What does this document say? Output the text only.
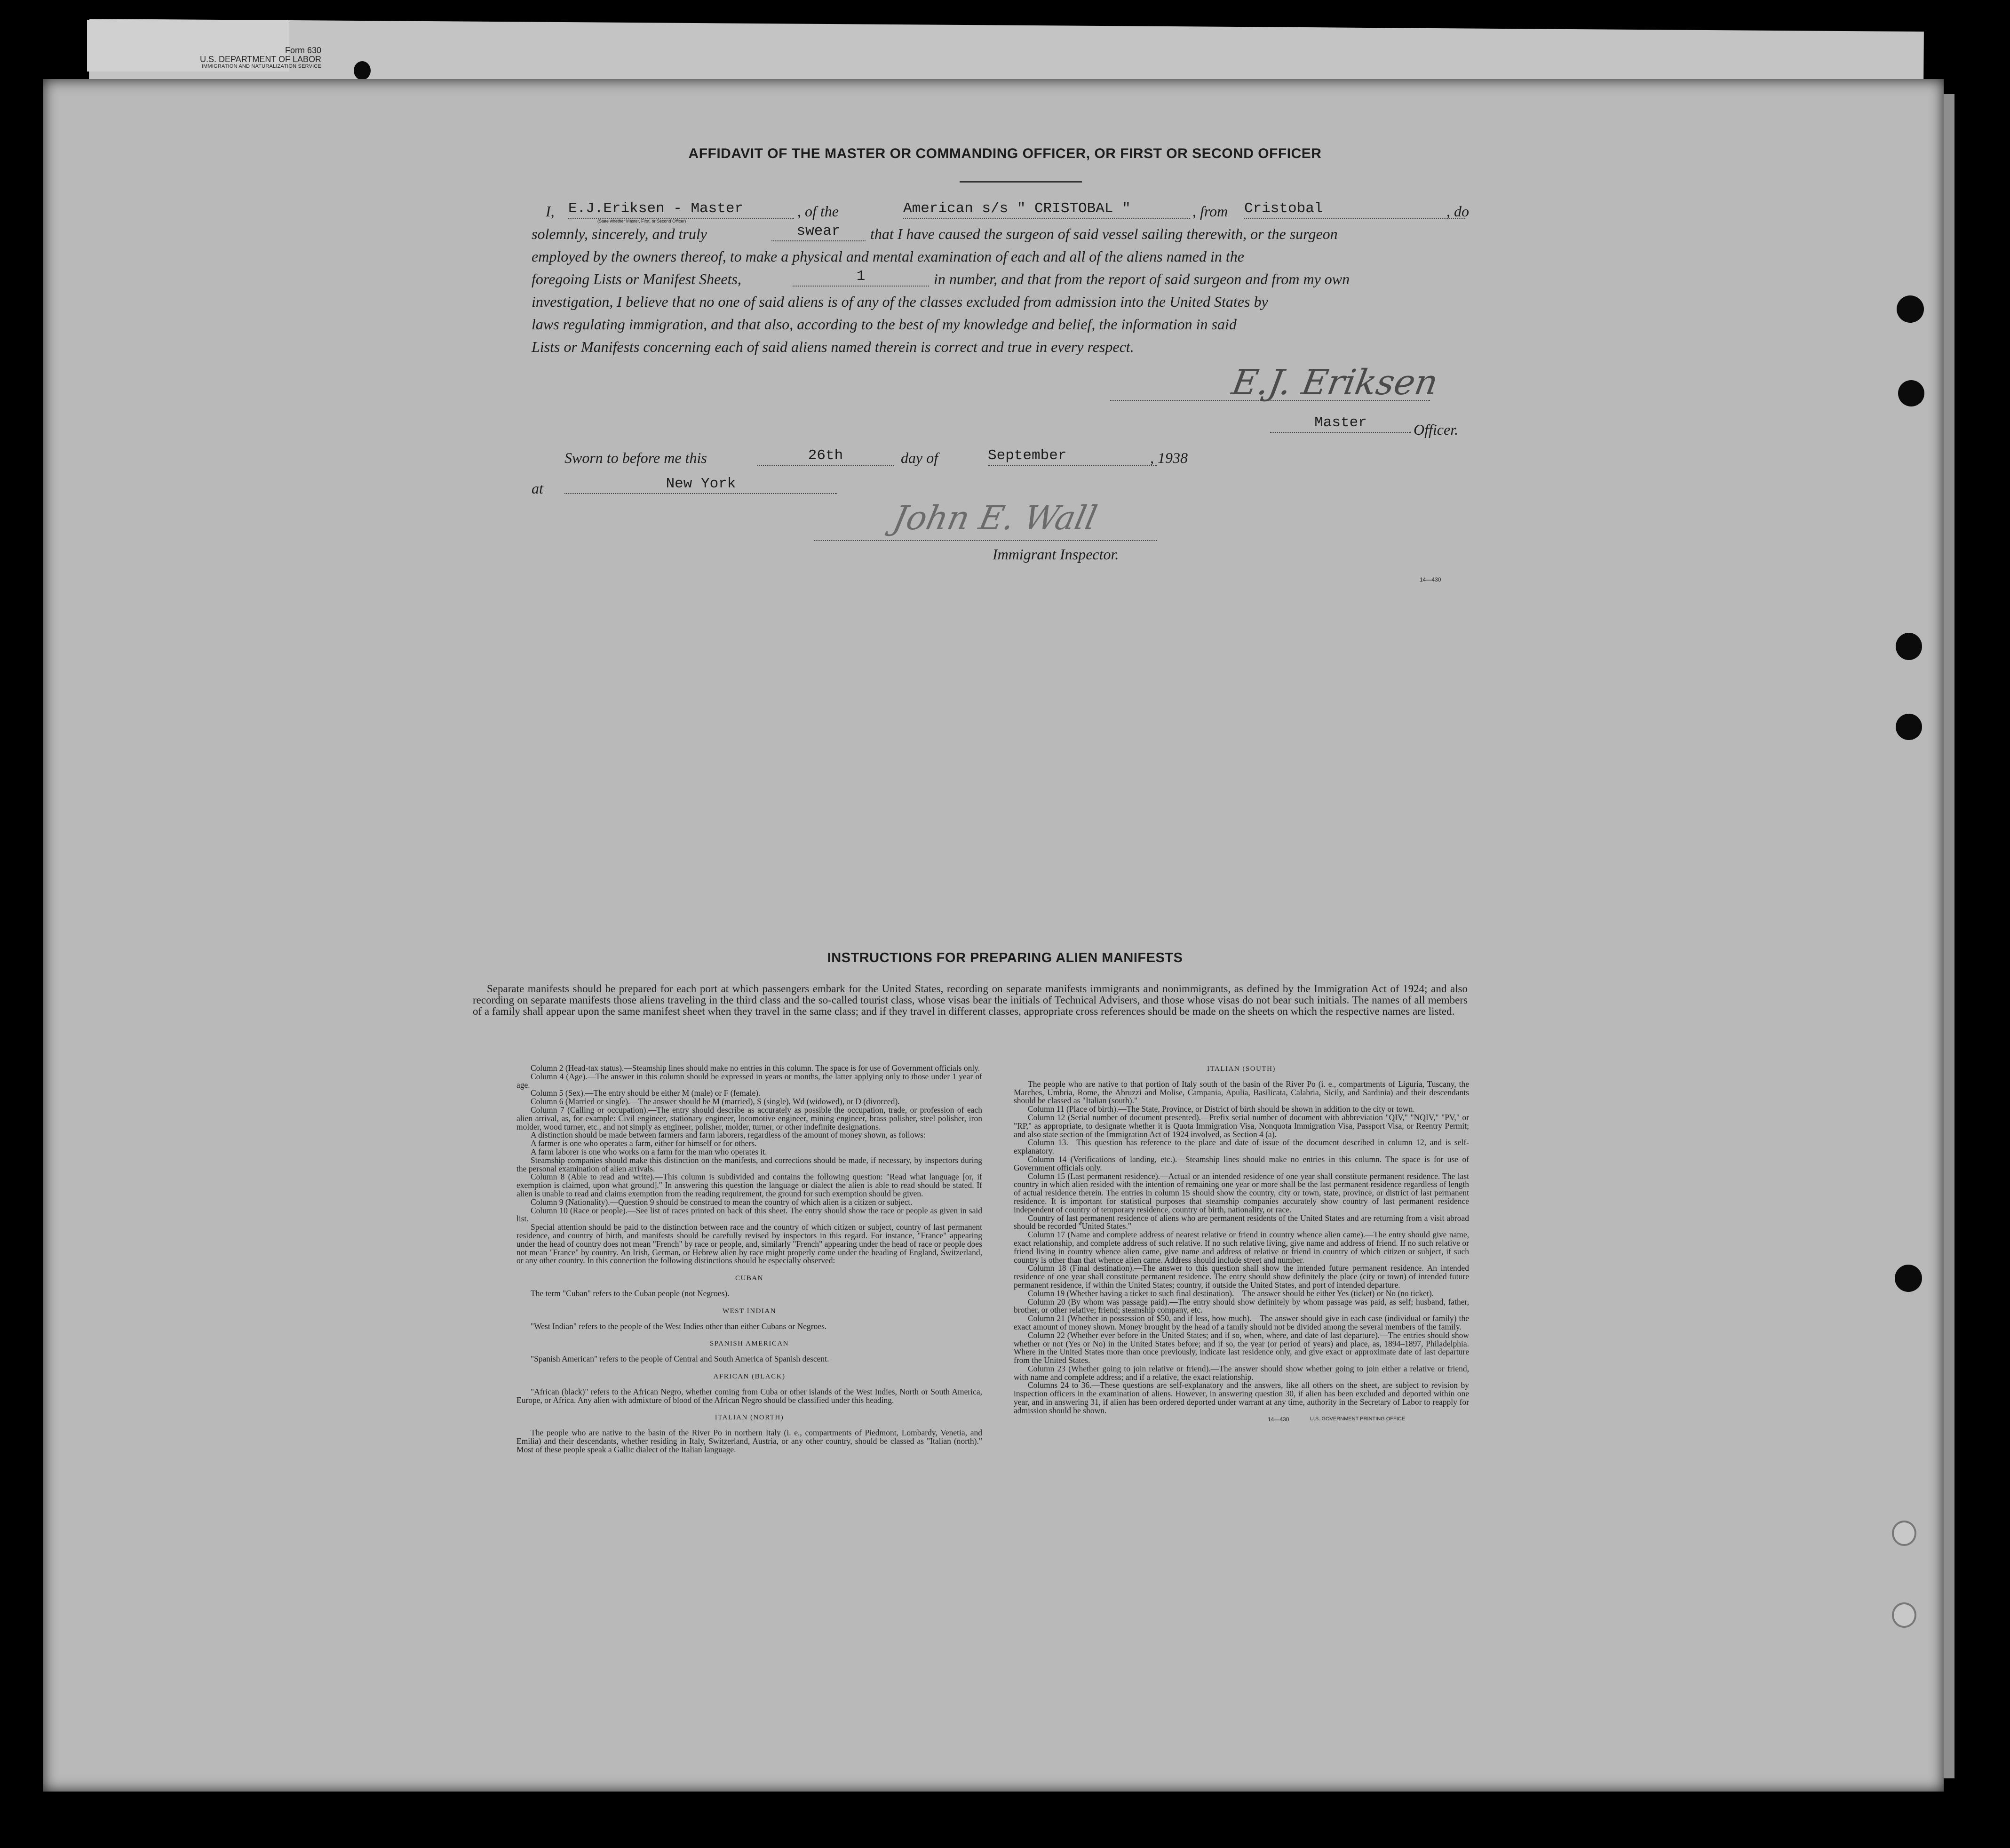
Form 630
U.S. DEPARTMENT OF LABOR
IMMIGRATION AND NATURALIZATION SERVICE
AFFIDAVIT OF THE MASTER OR COMMANDING OFFICER, OR FIRST OR SECOND OFFICER
I, E.J.Eriksen - Master	, of the	American s/s " CRISTOBAL "	, from Cristobal	, do
(State whether Master, First, or Second Officer)
solemnly, sincerely, and truly	swear	that I have caused the surgeon of said vessel sailing therewith, or the surgeon
employed by the owners thereof, to make a physical and mental examination of each and all of the aliens named in the
foregoing Lists or Manifest Sheets,	1	in number, and that from the report of said surgeon and from my own
investigation, I believe that no one of said aliens is of any of the classes excluded from admission into the United States by
laws regulating immigration, and that also, according to the best of my knowledge and belief, the information in said
Lists or Manifests concerning each of said aliens named therein is correct and true in every respect.
E.J. Eriksen
Master	Officer.
Sworn to before me this	26th	day of	September	, 1938
at	New York
John E. Wall
Immigrant Inspector.
14—430
INSTRUCTIONS FOR PREPARING ALIEN MANIFESTS
Separate manifests should be prepared for each port at which passengers embark for the United States, recording on separate manifests immigrants and nonimmigrants, as defined by the Immigration Act of 1924; and also recording on separate manifests those aliens traveling in the third class and the so-called tourist class, whose visas bear the initials of Technical Advisers, and those whose visas do not bear such initials. The names of all members of a family shall appear upon the same manifest sheet when they travel in the same class; and if they travel in different classes, appropriate cross references should be made on the sheets on which the respective names are listed.

Column 2 (Head-tax status).—Steamship lines should make no entries in this column. The space is for use of Government officials only.

Column 4 (Age).—The answer in this column should be expressed in years or months, the latter applying only to those under 1 year of age.

Column 5 (Sex).—The entry should be either M (male) or F (female).

Column 6 (Married or single).—The answer should be M (married), S (single), Wd (widowed), or D (divorced).

Column 7 (Calling or occupation).—The entry should describe as accurately as possible the occupation, trade, or profession of each alien arrival, as, for example: Civil engineer, stationary engineer, locomotive engineer, mining engineer, brass polisher, steel polisher, iron molder, wood turner, etc., and not simply as engineer, polisher, molder, turner, or other indefinite designations.

A distinction should be made between farmers and farm laborers, regardless of the amount of money shown, as follows:

A farmer is one who operates a farm, either for himself or for others.

A farm laborer is one who works on a farm for the man who operates it.

Steamship companies should make this distinction on the manifests, and corrections should be made, if necessary, by inspectors during the personal examination of alien arrivals.

Column 8 (Able to read and write).—This column is subdivided and contains the following question: "Read what language [or, if exemption is claimed, upon what ground]." In answering this question the language or dialect the alien is able to read should be stated. If alien is unable to read and claims exemption from the reading requirement, the ground for such exemption should be given.

Column 9 (Nationality).—Question 9 should be construed to mean the country of which alien is a citizen or subject.

Column 10 (Race or people).—See list of races printed on back of this sheet. The entry should show the race or people as given in said list.

Special attention should be paid to the distinction between race and the country of which citizen or subject, country of last permanent residence, and country of birth, and manifests should be carefully revised by inspectors in this regard. For instance, "France" appearing under the head of country does not mean "French" by race or people, and, similarly "French" appearing under the head of race or people does not mean "France" by country. An Irish, German, or Hebrew alien by race might properly come under the heading of England, Switzerland, or any other country. In this connection the following distinctions should be especially observed:

CUBAN

The term "Cuban" refers to the Cuban people (not Negroes).

WEST INDIAN

"West Indian" refers to the people of the West Indies other than either Cubans or Negroes.

SPANISH AMERICAN

"Spanish American" refers to the people of Central and South America of Spanish descent.

AFRICAN (BLACK)

"African (black)" refers to the African Negro, whether coming from Cuba or other islands of the West Indies, North or South America, Europe, or Africa. Any alien with admixture of blood of the African Negro should be classified under this heading.

ITALIAN (NORTH)

The people who are native to the basin of the River Po in northern Italy (i. e., compartments of Piedmont, Lombardy, Venetia, and Emilia) and their descendants, whether residing in Italy, Switzerland, Austria, or any other country, should be classed as "Italian (north)." Most of these people speak a Gallic dialect of the Italian language.

ITALIAN (SOUTH)

The people who are native to that portion of Italy south of the basin of the River Po (i. e., compartments of Liguria, Tuscany, the Marches, Umbria, Rome, the Abruzzi and Molise, Campania, Apulia, Basilicata, Calabria, Sicily, and Sardinia) and their descendants should be classed as "Italian (south)."

Column 11 (Place of birth).—The State, Province, or District of birth should be shown in addition to the city or town.

Column 12 (Serial number of document presented).—Prefix serial number of document with abbreviation "QIV," "NQIV," "PV," or "RP," as appropriate, to designate whether it is Quota Immigration Visa, Nonquota Immigration Visa, Passport Visa, or Reentry Permit; and also state section of the Immigration Act of 1924 involved, as Section 4 (a).

Column 13.—This question has reference to the place and date of issue of the document described in column 12, and is self-explanatory.

Column 14 (Verifications of landing, etc.).—Steamship lines should make no entries in this column. The space is for use of Government officials only.

Column 15 (Last permanent residence).—Actual or an intended residence of one year shall constitute permanent residence. The last country in which alien resided with the intention of remaining one year or more shall be the last permanent residence regardless of length of actual residence therein. The entries in column 15 should show the country, city or town, state, province, or district of last permanent residence. It is important for statistical purposes that steamship companies accurately show country of last permanent residence independent of country of temporary residence, country of birth, nationality, or race.

Country of last permanent residence of aliens who are permanent residents of the United States and are returning from a visit abroad should be recorded "United States."

Column 17 (Name and complete address of nearest relative or friend in country whence alien came).—The entry should give name, exact relationship, and complete address of such relative. If no such relative living, give name and address of friend. If no such relative or friend living in country whence alien came, give name and address of relative or friend in country of which citizen or subject, if such country is other than that whence alien came. Address should include street and number.

Column 18 (Final destination).—The answer to this question shall show the intended future permanent residence. An intended residence of one year shall constitute permanent residence. The entry should show definitely the place (city or town) of intended future permanent residence, if within the United States; country, if outside the United States, and port of intended departure.

Column 19 (Whether having a ticket to such final destination).—The answer should be either Yes (ticket) or No (no ticket).

Column 20 (By whom was passage paid).—The entry should show definitely by whom passage was paid, as self; husband, father, brother, or other relative; friend; steamship company, etc.

Column 21 (Whether in possession of $50, and if less, how much).—The answer should give in each case (individual or family) the exact amount of money shown. Money brought by the head of a family should not be divided among the several members of the family.

Column 22 (Whether ever before in the United States; and if so, when, where, and date of last departure).—The entries should show whether or not (Yes or No) in the United States before; and if so, the year (or period of years) and place, as, 1894–1897, Philadelphia. Where in the United States more than once previously, indicate last residence only, and give exact or approximate date of last departure from the United States.

Column 23 (Whether going to join relative or friend).—The answer should show whether going to join either a relative or friend, with name and complete address; and if a relative, the exact relationship.

Columns 24 to 36.—These questions are self-explanatory and the answers, like all others on the sheet, are subject to revision by inspection officers in the examination of aliens. However, in answering question 30, if alien has been excluded and deported within one year, and in answering 31, if alien has been ordered deported under warrant at any time, authority in the Secretary of Labor to reapply for admission should be shown.

14—430	U.S. GOVERNMENT PRINTING OFFICE
